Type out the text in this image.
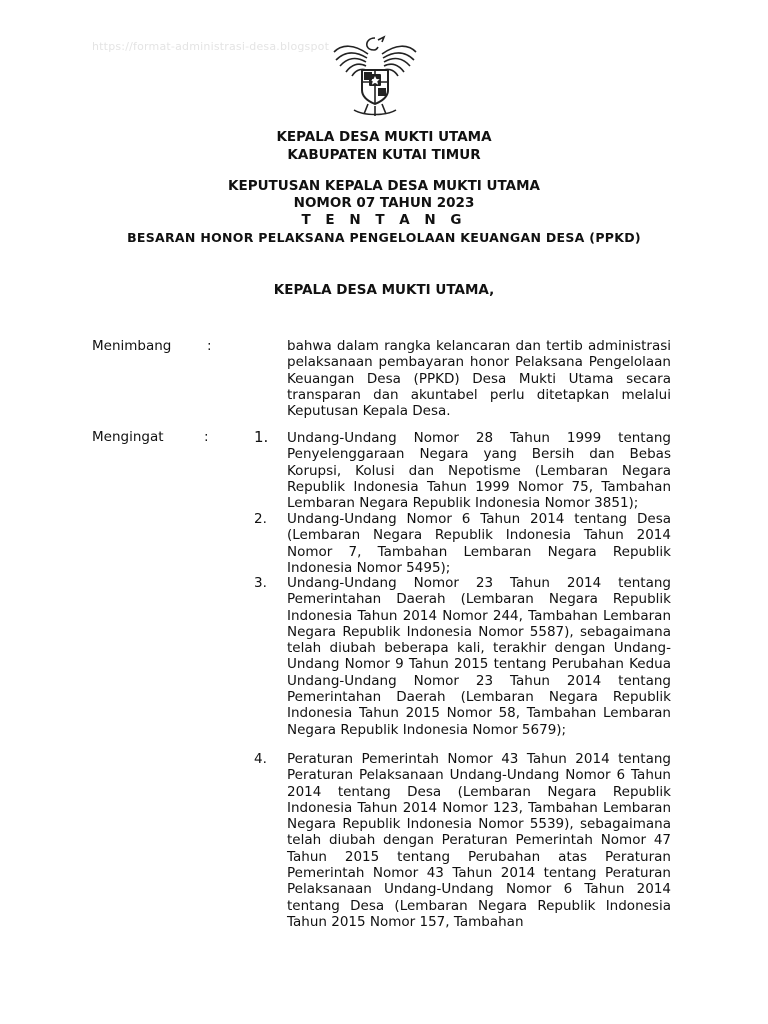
https://format-administrasi-desa.blogspot
KEPALA DESA MUKTI UTAMA
KABUPATEN KUTAI TIMUR
KEPUTUSAN KEPALA DESA MUKTI UTAMA
NOMOR 07 TAHUN 2023
T E N T A N G
BESARAN HONOR PELAKSANA PENGELOLAAN KEUANGAN DESA (PPKD)
KEPALA DESA MUKTI UTAMA,
Menimbang	:	bahwa dalam rangka kelancaran dan tertib administrasi pelaksanaan pembayaran honor Pelaksana Pengelolaan Keuangan Desa (PPKD) Desa Mukti Utama secara transparan dan akuntabel perlu ditetapkan melalui Keputusan Kepala Desa.
Mengingat	:	1. Undang-Undang Nomor 28 Tahun 1999 tentang Penyelenggaraan Negara yang Bersih dan Bebas Korupsi, Kolusi dan Nepotisme (Lembaran Negara Republik Indonesia Tahun 1999 Nomor 75, Tambahan Lembaran Negara Republik Indonesia Nomor 3851);
2. Undang-Undang Nomor 6 Tahun 2014 tentang Desa (Lembaran Negara Republik Indonesia Tahun 2014 Nomor 7, Tambahan Lembaran Negara Republik Indonesia Nomor 5495);
3. Undang-Undang Nomor 23 Tahun 2014 tentang Pemerintahan Daerah (Lembaran Negara Republik Indonesia Tahun 2014 Nomor 244, Tambahan Lembaran Negara Republik Indonesia Nomor 5587), sebagaimana telah diubah beberapa kali, terakhir dengan Undang-Undang Nomor 9 Tahun 2015 tentang Perubahan Kedua Undang-Undang Nomor 23 Tahun 2014 tentang Pemerintahan Daerah (Lembaran Negara Republik Indonesia Tahun 2015 Nomor 58, Tambahan Lembaran Negara Republik Indonesia Nomor 5679);
4. Peraturan Pemerintah Nomor 43 Tahun 2014 tentang Peraturan Pelaksanaan Undang-Undang Nomor 6 Tahun 2014 tentang Desa (Lembaran Negara Republik Indonesia Tahun 2014 Nomor 123, Tambahan Lembaran Negara Republik Indonesia Nomor 5539), sebagaimana telah diubah dengan Peraturan Pemerintah Nomor 47 Tahun 2015 tentang Perubahan atas Peraturan Pemerintah Nomor 43 Tahun 2014 tentang Peraturan Pelaksanaan Undang-Undang Nomor 6 Tahun 2014 tentang Desa (Lembaran Negara Republik Indonesia Tahun 2015 Nomor 157, Tambahan
